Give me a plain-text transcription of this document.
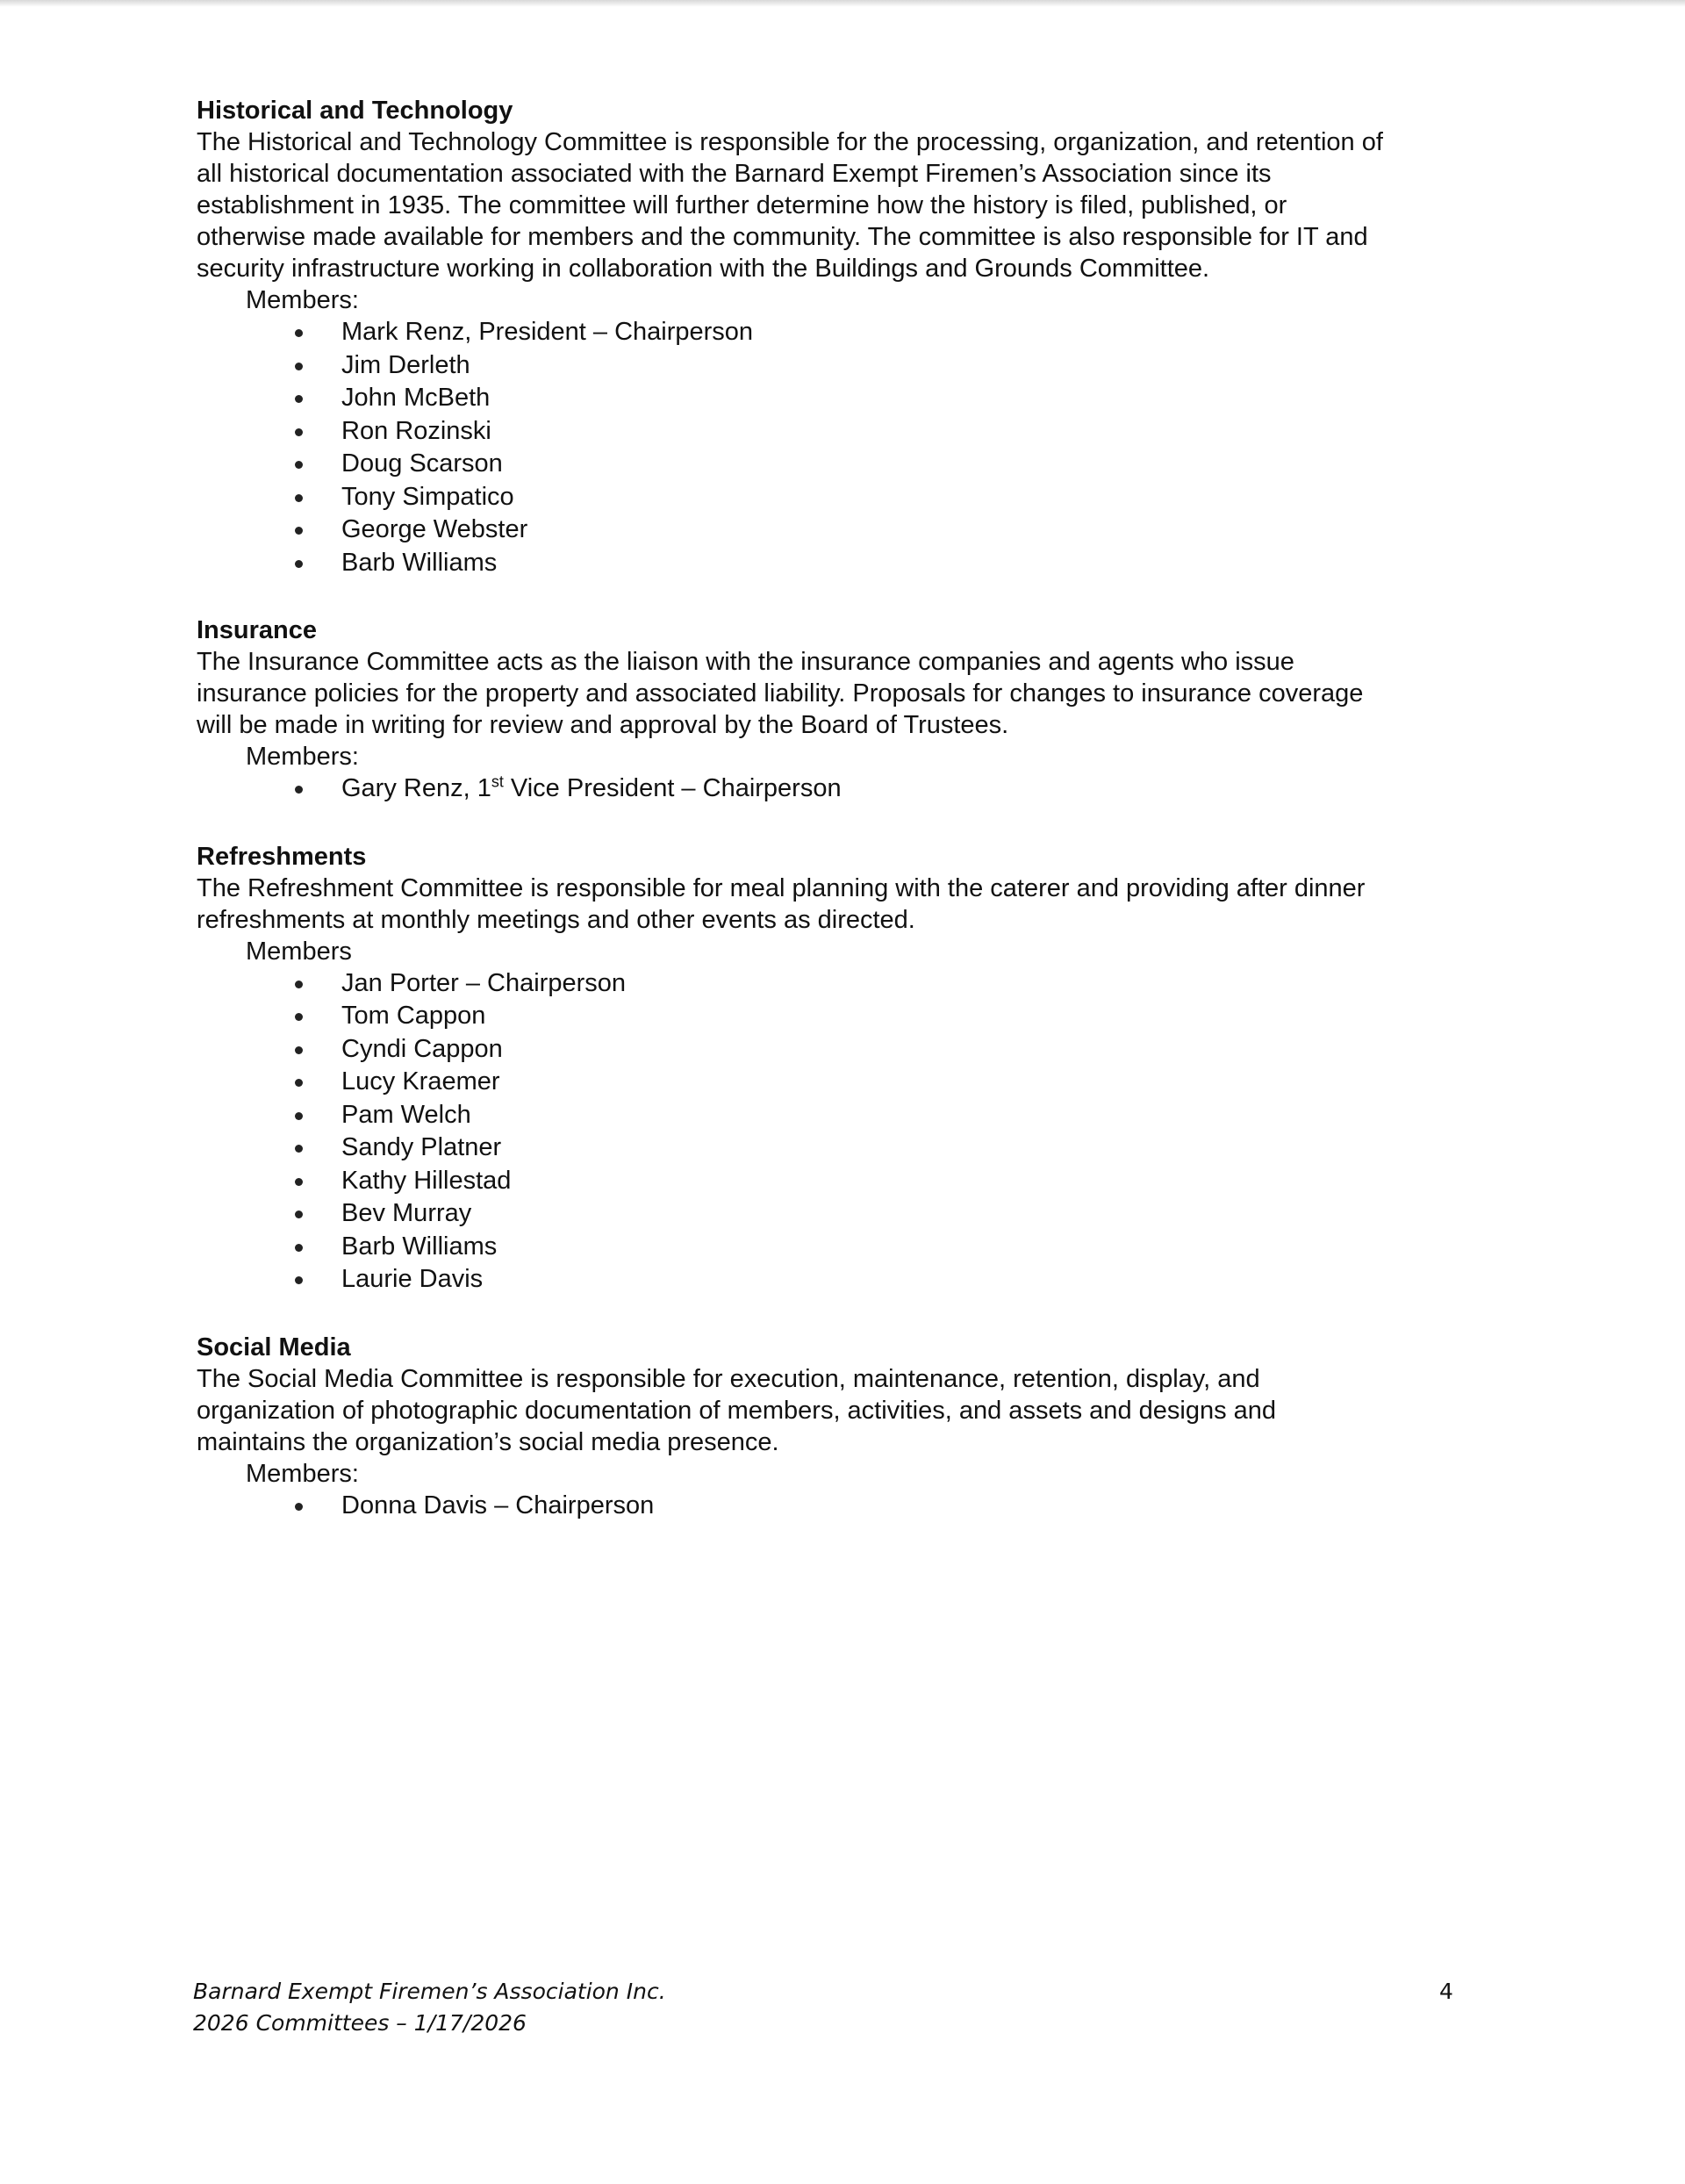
Historical and Technology

The Historical and Technology Committee is responsible for the processing, organization, and retention of
all historical documentation associated with the Barnard Exempt Firemen’s Association since its
establishment in 1935. The committee will further determine how the history is filed, published, or
otherwise made available for members and the community. The committee is also responsible for IT and
security infrastructure working in collaboration with the Buildings and Grounds Committee.

Members:

Mark Renz, President – Chairperson
Jim Derleth
John McBeth
Ron Rozinski
Doug Scarson
Tony Simpatico
George Webster
Barb Williams

Insurance

The Insurance Committee acts as the liaison with the insurance companies and agents who issue
insurance policies for the property and associated liability. Proposals for changes to insurance coverage
will be made in writing for review and approval by the Board of Trustees.

Members:

Gary Renz, 1st Vice President – Chairperson

Refreshments

The Refreshment Committee is responsible for meal planning with the caterer and providing after dinner
refreshments at monthly meetings and other events as directed.

Members

Jan Porter – Chairperson
Tom Cappon
Cyndi Cappon
Lucy Kraemer
Pam Welch
Sandy Platner
Kathy Hillestad
Bev Murray
Barb Williams
Laurie Davis

Social Media

The Social Media Committee is responsible for execution, maintenance, retention, display, and
organization of photographic documentation of members, activities, and assets and designs and
maintains the organization’s social media presence.

Members:

Donna Davis – Chairperson
Barnard Exempt Firemen’s Association Inc.
2026 Committees – 1/17/2026
4
